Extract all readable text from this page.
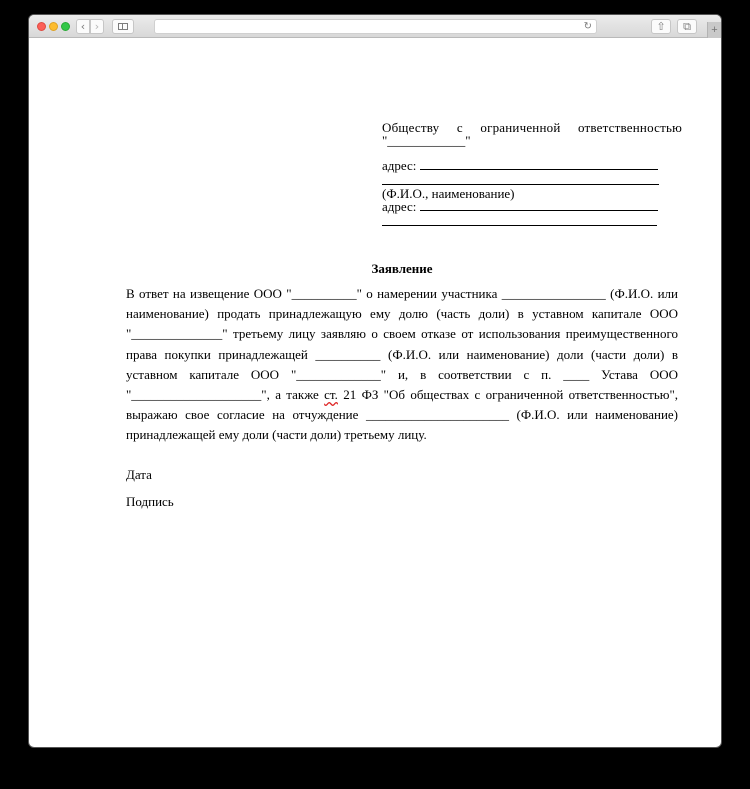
‹ ›	↻	⇧	⧉	+
Обществу с ограниченной ответственностью
"____________"
адрес:
(Ф.И.О., наименование)
адрес:
Заявление

В ответ на извещение ООО "__________" о намерении участника ________________ (Ф.И.О. или

наименование) продать принадлежащую ему долю (часть доли) в уставном капитале ООО

"______________" третьему лицу заявляю о своем отказе от использования преимущественного

права покупки принадлежащей __________ (Ф.И.О. или наименование) доли (части доли) в

уставном капитале ООО "_____________" и, в соответствии с п. ____ Устава ООО

"____________________", а также ст. 21 ФЗ "Об обществах с ограниченной ответственностью",

выражаю свое согласие на отчуждение ______________________ (Ф.И.О. или наименование)

принадлежащей ему доли (части доли) третьему лицу.

Дата
Подпись
